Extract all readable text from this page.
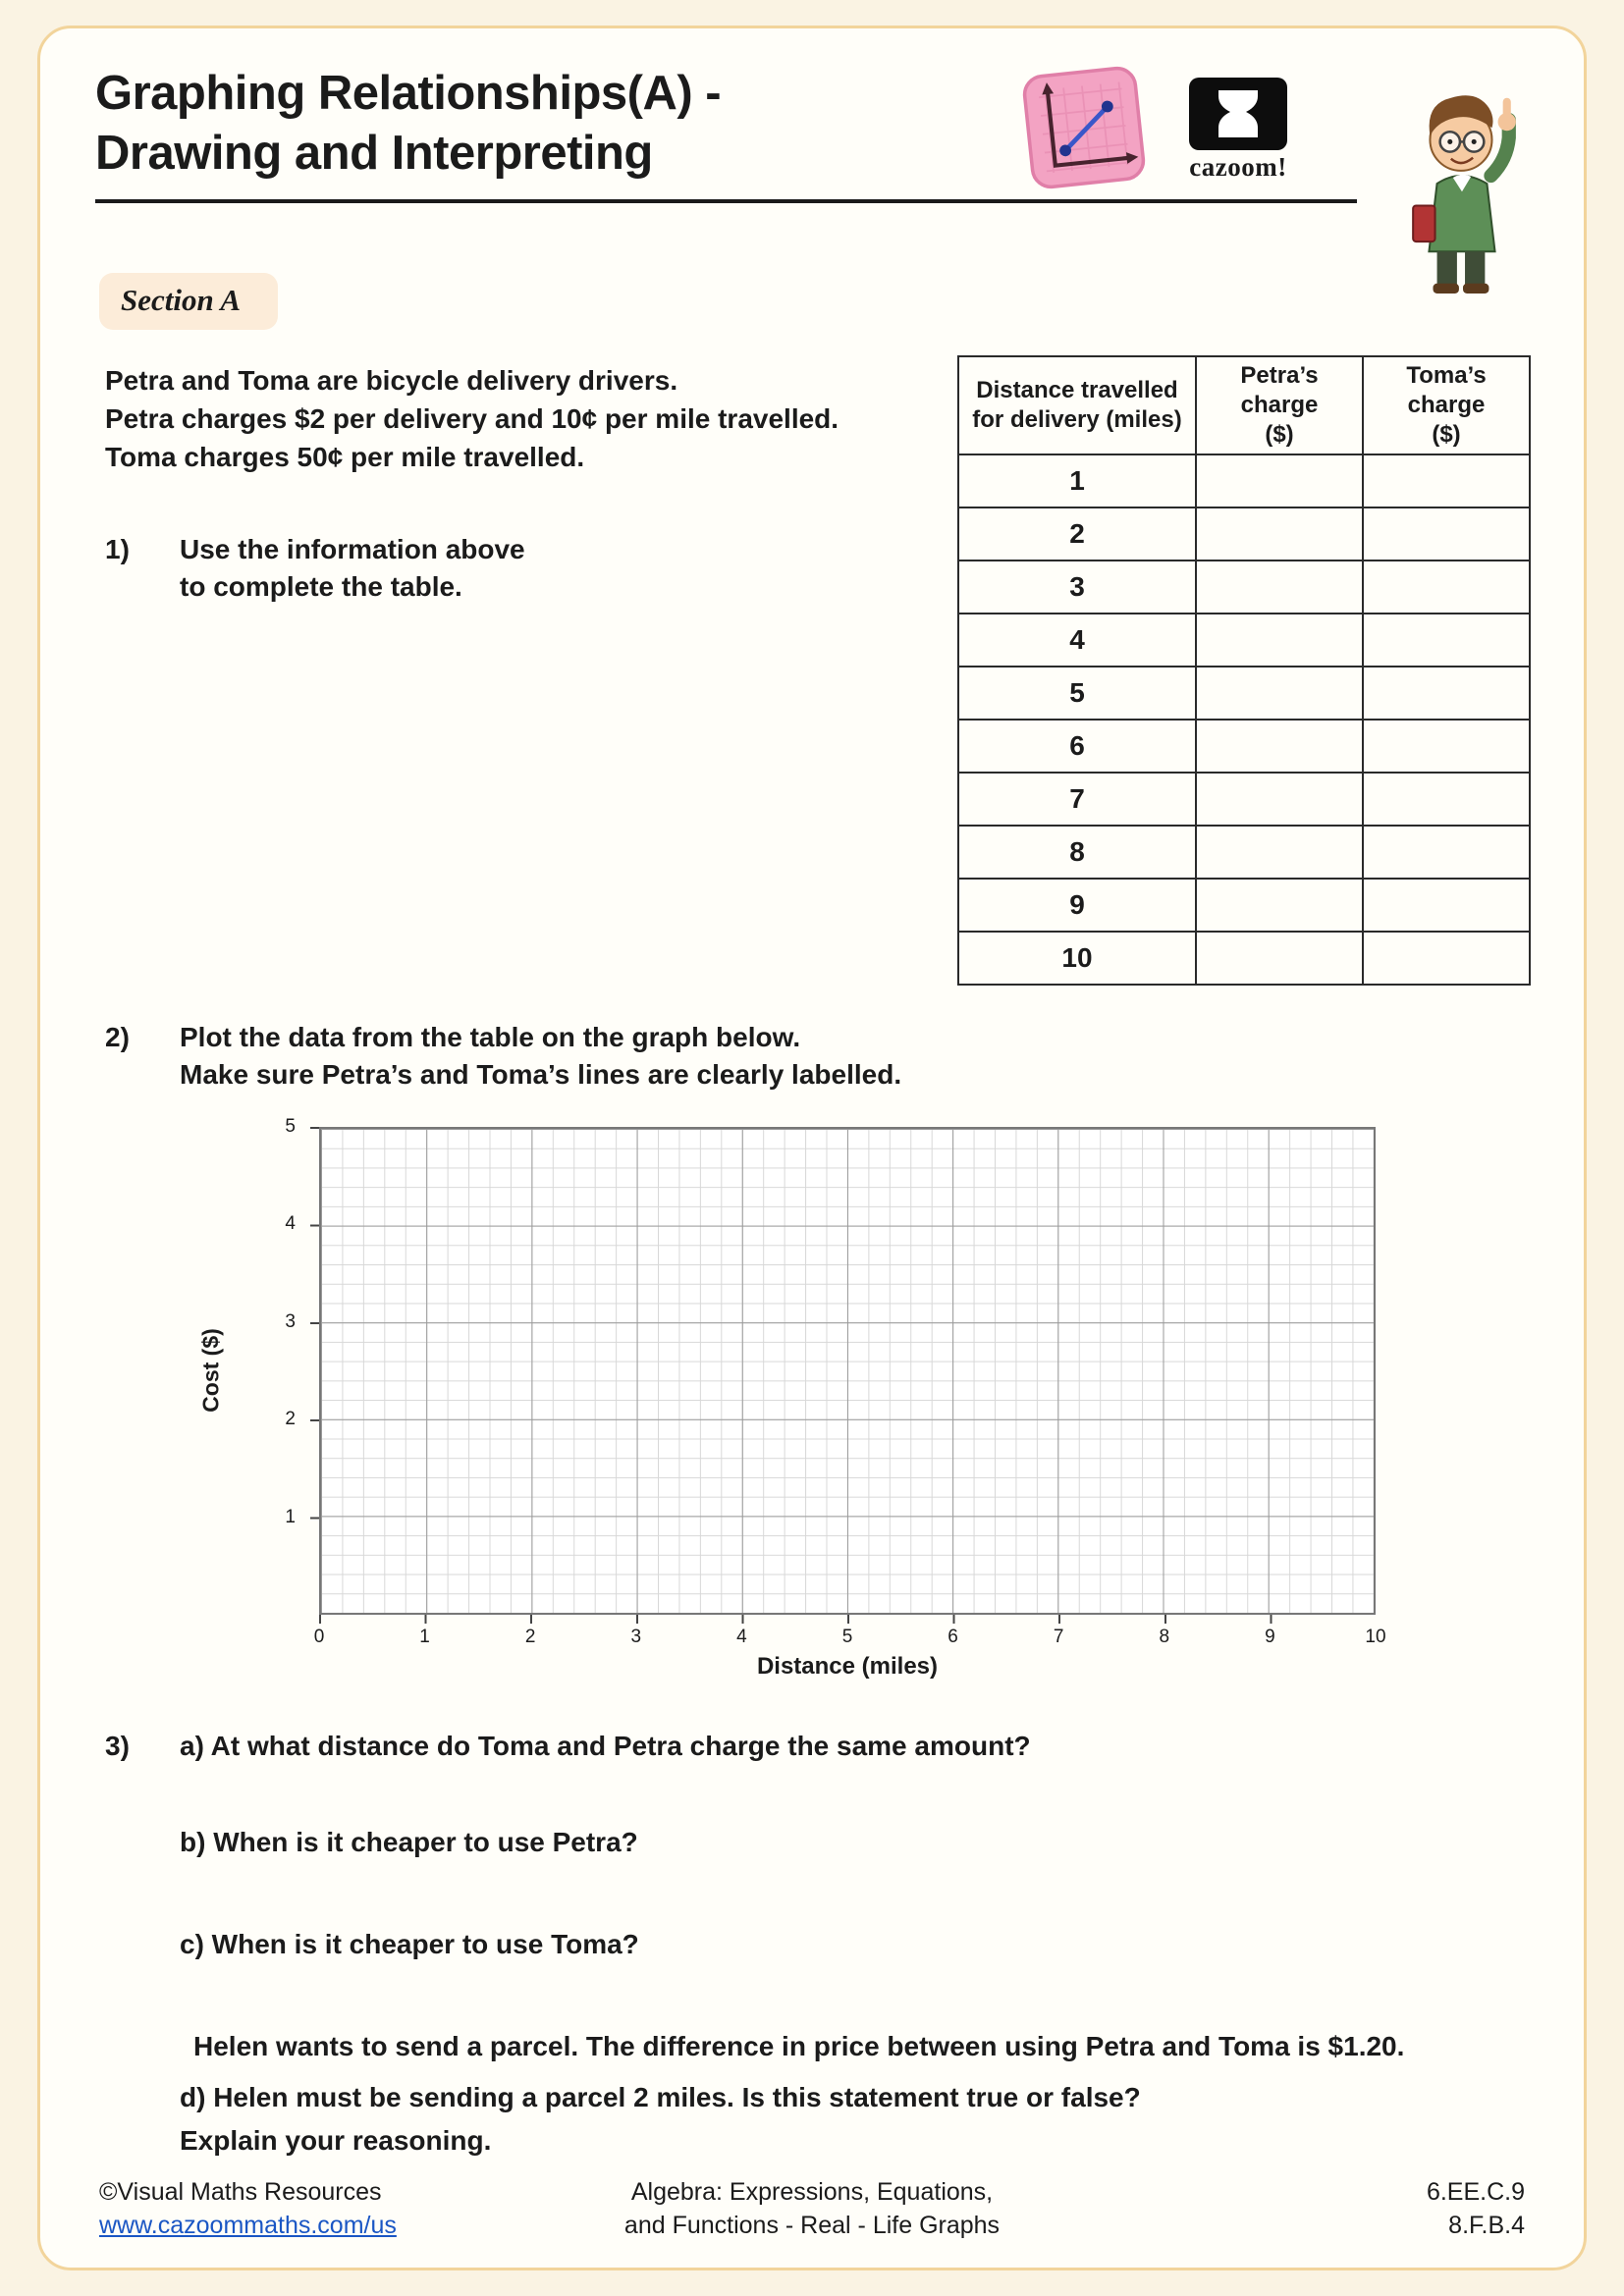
Graphing Relationships(A) -
Drawing and Interpreting	cazoom!
Section A

Petra and Toma are bicycle delivery drivers.
Petra charges $2 per delivery and 10¢ per mile travelled.
Toma charges 50¢ per mile travelled.

1)	Use the information above
to complete the table.
Distance travelled for delivery (miles)	Petra’s charge ($)	Toma’s charge ($)
1		
2		
3		
4		
5		
6		
7		
8		
9		
10		
2)	Plot the data from the table on the graph below.
Make sure Petra’s and Toma’s lines are clearly labelled.
Cost ($)
1
2
3
4
5
0	1	2	3	4	5	6	7	8	9	10
Distance (miles)
3)	a) At what distance do Toma and Petra charge the same amount?
b) When is it cheaper to use Petra?
c) When is it cheaper to use Toma?
Helen wants to send a parcel. The difference in price between using Petra and Toma is $1.20.
d) Helen must be sending a parcel 2 miles. Is this statement true or false?
Explain your reasoning.
©Visual Maths Resources
www.cazoommaths.com/us
Algebra: Expressions, Equations,
and Functions - Real - Life Graphs
6.EE.C.9
8.F.B.4
